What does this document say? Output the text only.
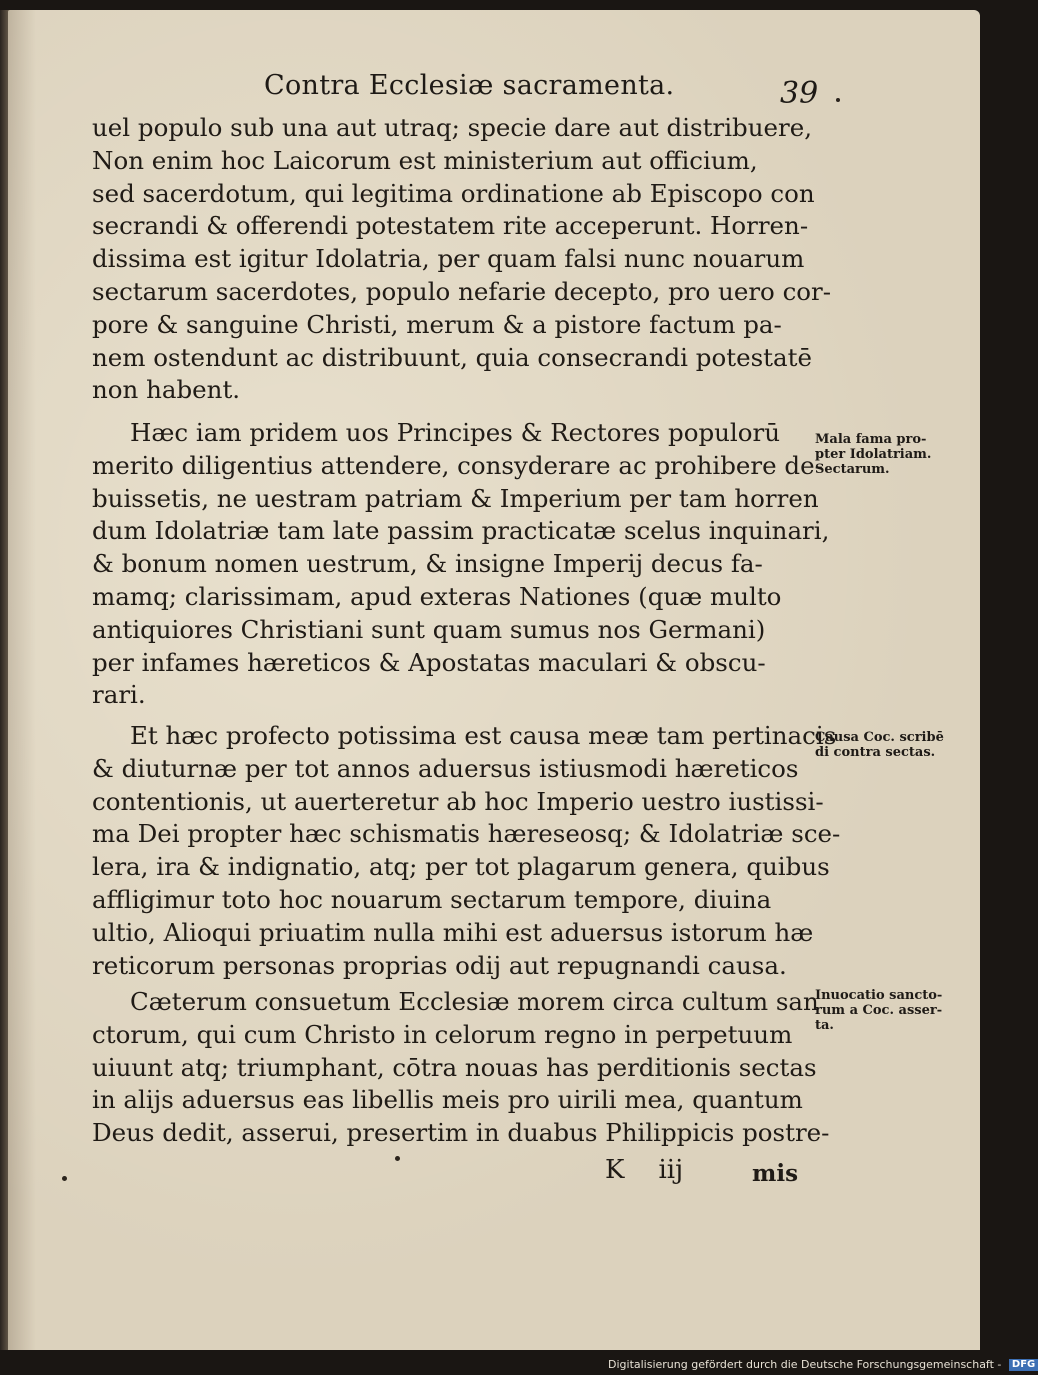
Contra Ecclesiæ sacramenta.	39
uel populo sub una aut utraq; specie dare aut distribuere,
Non enim hoc Laicorum est ministerium aut officium,
sed sacerdotum, qui legitima ordinatione ab Episcopo con
secrandi & offerendi potestatem rite acceperunt. Horren-
dissima est igitur Idolatria, per quam falsi nunc nouarum
sectarum sacerdotes, populo nefarie decepto, pro uero cor-
pore & sanguine Christi, merum & a pistore factum pa-
nem ostendunt ac distribuunt, quia consecrandi potestatē
non habent.
Hæc iam pridem uos Principes & Rectores populorū
merito diligentius attendere, consyderare ac prohibere de-
buissetis, ne uestram patriam & Imperium per tam horren
dum Idolatriæ tam late passim practicatæ scelus inquinari,
& bonum nomen uestrum, & insigne Imperij decus fa-
mamq; clarissimam, apud exteras Nationes (quæ multo
antiquiores Christiani sunt quam sumus nos Germani)
per infames hæreticos & Apostatas maculari & obscu-
rari.
Et hæc profecto potissima est causa meæ tam pertinacis
& diuturnæ per tot annos aduersus istiusmodi hæreticos
contentionis, ut auerteretur ab hoc Imperio uestro iustissi-
ma Dei propter hæc schismatis hæreseosq; & Idolatriæ sce-
lera, ira & indignatio, atq; per tot plagarum genera, quibus
affligimur toto hoc nouarum sectarum tempore, diuina
ultio, Alioqui priuatim nulla mihi est aduersus istorum hæ
reticorum personas proprias odij aut repugnandi causa.
Cæterum consuetum Ecclesiæ morem circa cultum san
ctorum, qui cum Christo in celorum regno in perpetuum
uiuunt atq; triumphant, cōtra nouas has perditionis sectas
in alijs aduersus eas libellis meis pro uirili mea, quantum
Deus dedit, asserui, presertim in duabus Philippicis postre-
Mala fama pro-
pter Idolatriam.
Sectarum.
Causa Coc. scribē
di contra sectas.
Inuocatio sancto-
rum a Coc. asser-
ta.
K iij	mis
Digitalisierung gefördert durch die Deutsche Forschungsgemeinschaft - DFG
